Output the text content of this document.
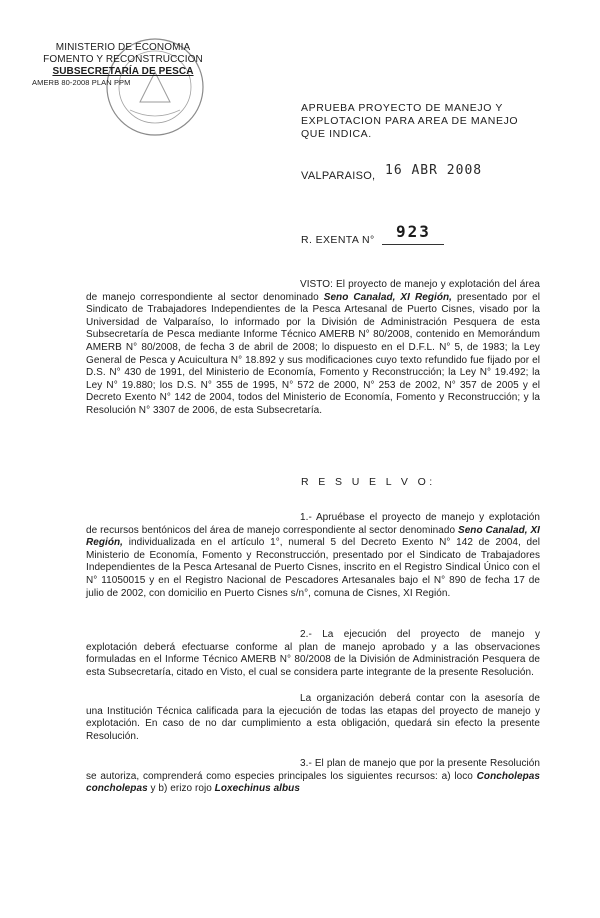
MINISTERIO DE ECONOMIA
FOMENTO Y RECONSTRUCCION
SUBSECRETARÍA DE PESCA
AMERB 80-2008 PLAN PPM
APRUEBA PROYECTO DE MANEJO Y EXPLOTACION PARA AREA DE MANEJO QUE INDICA.
VALPARAISO, 16 ABR 2008
R. EXENTA N° 923
VISTO: El proyecto de manejo y explotación del área de manejo correspondiente al sector denominado Seno Canalad, XI Región, presentado por el Sindicato de Trabajadores Independientes de la Pesca Artesanal de Puerto Cisnes, visado por la Universidad de Valparaíso, lo informado por la División de Administración Pesquera de esta Subsecretaría de Pesca mediante Informe Técnico AMERB N° 80/2008, contenido en Memorándum AMERB N° 80/2008, de fecha 3 de abril de 2008; lo dispuesto en el D.F.L. N° 5, de 1983; la Ley General de Pesca y Acuicultura N° 18.892 y sus modificaciones cuyo texto refundido fue fijado por el D.S. N° 430 de 1991, del Ministerio de Economía, Fomento y Reconstrucción; la Ley N° 19.492; la Ley N° 19.880; los D.S. N° 355 de 1995, N° 572 de 2000, N° 253 de 2002, N° 357 de 2005 y el Decreto Exento N° 142 de 2004, todos del Ministerio de Economía, Fomento y Reconstrucción; y la Resolución N° 3307 de 2006, de esta Subsecretaría.
R E S U E L V O:
1.- Apruébase el proyecto de manejo y explotación de recursos bentónicos del área de manejo correspondiente al sector denominado Seno Canalad, XI Región, individualizada en el artículo 1°, numeral 5 del Decreto Exento N° 142 de 2004, del Ministerio de Economía, Fomento y Reconstrucción, presentado por el Sindicato de Trabajadores Independientes de la Pesca Artesanal de Puerto Cisnes, inscrito en el Registro Sindical Único con el N° 11050015 y en el Registro Nacional de Pescadores Artesanales bajo el N° 890 de fecha 17 de julio de 2002, con domicilio en Puerto Cisnes s/n°, comuna de Cisnes, XI Región.
2.- La ejecución del proyecto de manejo y explotación deberá efectuarse conforme al plan de manejo aprobado y a las observaciones formuladas en el Informe Técnico AMERB N° 80/2008 de la División de Administración Pesquera de esta Subsecretaría, citado en Visto, el cual se considera parte integrante de la presente Resolución.
La organización deberá contar con la asesoría de una Institución Técnica calificada para la ejecución de todas las etapas del proyecto de manejo y explotación. En caso de no dar cumplimiento a esta obligación, quedará sin efecto la presente Resolución.
3.- El plan de manejo que por la presente Resolución se autoriza, comprenderá como especies principales los siguientes recursos: a) loco Concholepas concholepas y b) erizo rojo Loxechinus albus
